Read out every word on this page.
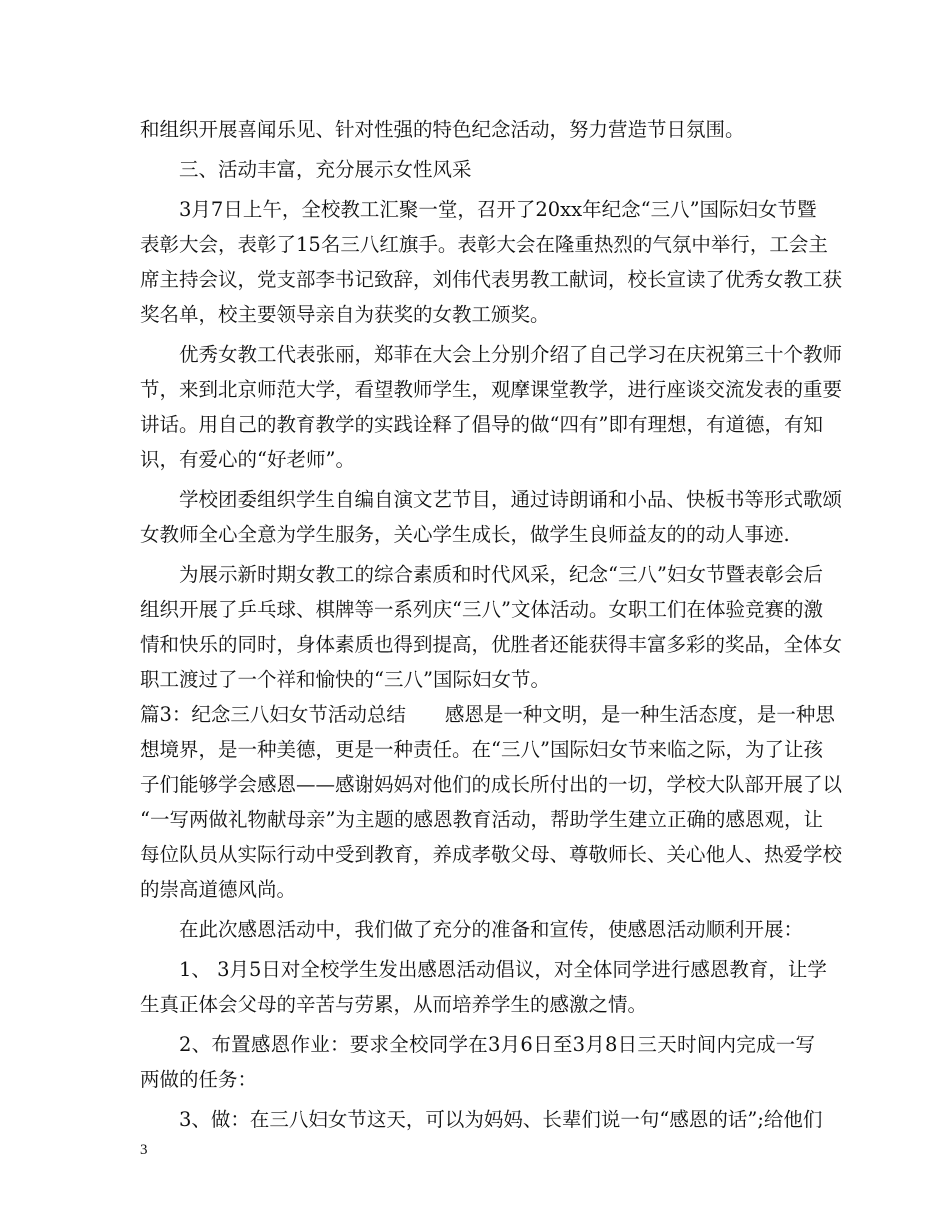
和组织开展喜闻乐见、针对性强的特色纪念活动，努力营造节日氛围。
三、活动丰富，充分展示女性风采
3月7日上午，全校教工汇聚一堂，召开了20xx年纪念“三八”国际妇女节暨
表彰大会，表彰了15名三八红旗手。表彰大会在隆重热烈的气氛中举行，工会主
席主持会议，党支部李书记致辞，刘伟代表男教工献词，校长宣读了优秀女教工获
奖名单，校主要领导亲自为获奖的女教工颁奖。
优秀女教工代表张丽，郑菲在大会上分别介绍了自己学习在庆祝第三十个教师
节，来到北京师范大学，看望教师学生，观摩课堂教学，进行座谈交流发表的重要
讲话。用自己的教育教学的实践诠释了倡导的做“四有”即有理想，有道德，有知
识，有爱心的“好老师”。
学校团委组织学生自编自演文艺节目，通过诗朗诵和小品、快板书等形式歌颂
女教师全心全意为学生服务，关心学生成长，做学生良师益友的的动人事迹.
为展示新时期女教工的综合素质和时代风采，纪念“三八”妇女节暨表彰会后
组织开展了乒乓球、棋牌等一系列庆“三八”文体活动。女职工们在体验竞赛的激
情和快乐的同时，身体素质也得到提高，优胜者还能获得丰富多彩的奖品，全体女
职工渡过了一个祥和愉快的“三八”国际妇女节。
篇3：纪念三八妇女节活动总结　　感恩是一种文明，是一种生活态度，是一种思
想境界，是一种美德，更是一种责任。在“三八”国际妇女节来临之际，为了让孩
子们能够学会感恩——感谢妈妈对他们的成长所付出的一切，学校大队部开展了以
“一写两做礼物献母亲”为主题的感恩教育活动，帮助学生建立正确的感恩观，让
每位队员从实际行动中受到教育，养成孝敬父母、尊敬师长、关心他人、热爱学校
的崇高道德风尚。
在此次感恩活动中，我们做了充分的准备和宣传，使感恩活动顺利开展：
1、 3月5日对全校学生发出感恩活动倡议，对全体同学进行感恩教育，让学
生真正体会父母的辛苦与劳累，从而培养学生的感激之情。
2、布置感恩作业：要求全校同学在3月6日至3月8日三天时间内完成一写
两做的任务：
3、做：在三八妇女节这天，可以为妈妈、长辈们说一句“感恩的话”;给他们
3
